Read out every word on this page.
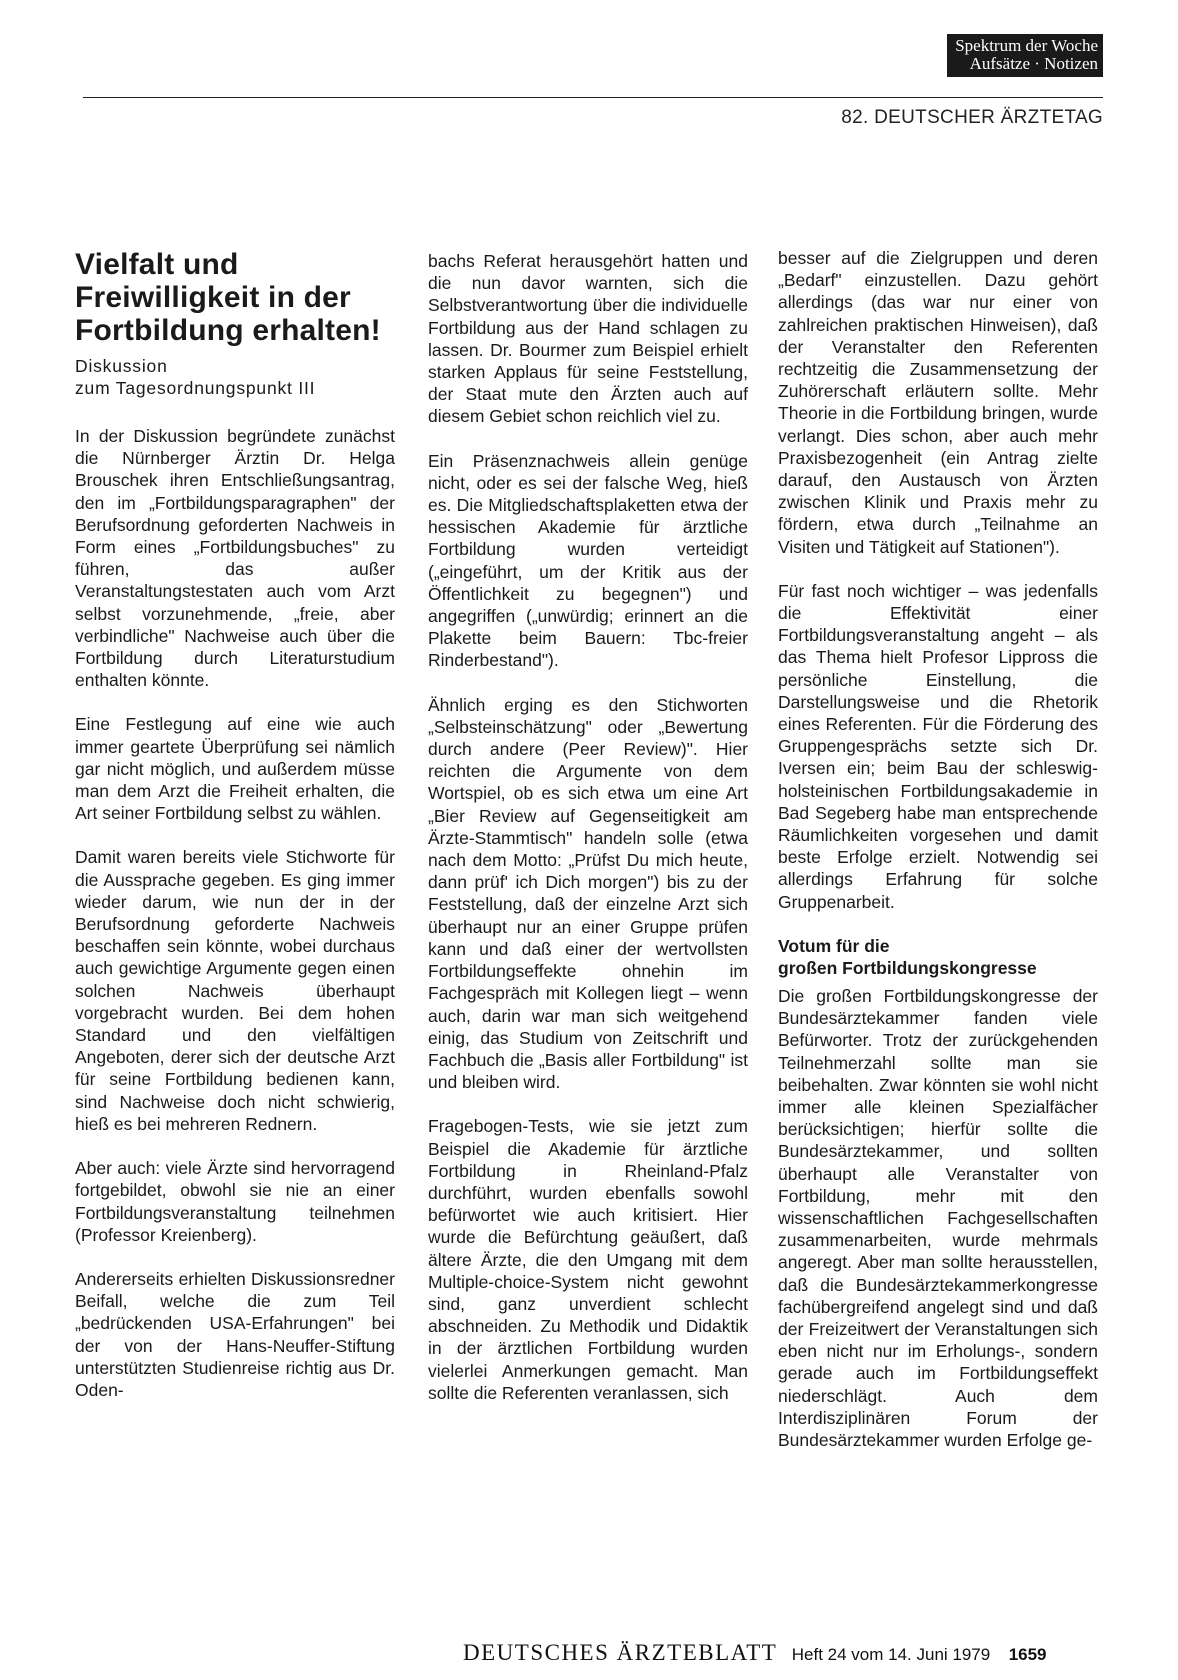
Spektrum der Woche
Aufsätze · Notizen
82. DEUTSCHER ÄRZTETAG
Vielfalt und Freiwilligkeit in der Fortbildung erhalten!
Diskussion
zum Tagesordnungspunkt III

In der Diskussion begründete zunächst die Nürnberger Ärztin Dr. Helga Brouschek ihren Entschließungsantrag, den im „Fortbildungsparagraphen" der Berufsordnung geforderten Nachweis in Form eines „Fortbildungsbuches" zu führen, das außer Veranstaltungstestaten auch vom Arzt selbst vorzunehmende, „freie, aber verbindliche" Nachweise auch über die Fortbildung durch Literaturstudium enthalten könnte.

Eine Festlegung auf eine wie auch immer geartete Überprüfung sei nämlich gar nicht möglich, und außerdem müsse man dem Arzt die Freiheit erhalten, die Art seiner Fortbildung selbst zu wählen.

Damit waren bereits viele Stichworte für die Aussprache gegeben. Es ging immer wieder darum, wie nun der in der Berufsordnung geforderte Nachweis beschaffen sein könnte, wobei durchaus auch gewichtige Argumente gegen einen solchen Nachweis überhaupt vorgebracht wurden. Bei dem hohen Standard und den vielfältigen Angeboten, derer sich der deutsche Arzt für seine Fortbildung bedienen kann, sind Nachweise doch nicht schwierig, hieß es bei mehreren Rednern.

Aber auch: viele Ärzte sind hervorragend fortgebildet, obwohl sie nie an einer Fortbildungsveranstaltung teilnehmen (Professor Kreienberg).

Andererseits erhielten Diskussionsredner Beifall, welche die zum Teil „bedrückenden USA-Erfahrungen" bei der von der Hans-Neuffer-Stiftung unterstützten Studienreise richtig aus Dr. Oden-

bachs Referat herausgehört hatten und die nun davor warnten, sich die Selbstverantwortung über die individuelle Fortbildung aus der Hand schlagen zu lassen. Dr. Bourmer zum Beispiel erhielt starken Applaus für seine Feststellung, der Staat mute den Ärzten auch auf diesem Gebiet schon reichlich viel zu.

Ein Präsenznachweis allein genüge nicht, oder es sei der falsche Weg, hieß es. Die Mitgliedschaftsplaketten etwa der hessischen Akademie für ärztliche Fortbildung wurden verteidigt („eingeführt, um der Kritik aus der Öffentlichkeit zu begegnen") und angegriffen („unwürdig; erinnert an die Plakette beim Bauern: Tbc-freier Rinderbestand").

Ähnlich erging es den Stichworten „Selbsteinschätzung" oder „Bewertung durch andere (Peer Review)". Hier reichten die Argumente von dem Wortspiel, ob es sich etwa um eine Art „Bier Review auf Gegenseitigkeit am Ärzte-Stammtisch" handeln solle (etwa nach dem Motto: „Prüfst Du mich heute, dann prüf' ich Dich morgen") bis zu der Feststellung, daß der einzelne Arzt sich überhaupt nur an einer Gruppe prüfen kann und daß einer der wertvollsten Fortbildungseffekte ohnehin im Fachgespräch mit Kollegen liegt – wenn auch, darin war man sich weitgehend einig, das Studium von Zeitschrift und Fachbuch die „Basis aller Fortbildung" ist und bleiben wird.

Fragebogen-Tests, wie sie jetzt zum Beispiel die Akademie für ärztliche Fortbildung in Rheinland-Pfalz durchführt, wurden ebenfalls sowohl befürwortet wie auch kritisiert. Hier wurde die Befürchtung geäußert, daß ältere Ärzte, die den Umgang mit dem Multiple-choice-System nicht gewohnt sind, ganz unverdient schlecht abschneiden. Zu Methodik und Didaktik in der ärztlichen Fortbildung wurden vielerlei Anmerkungen gemacht. Man sollte die Referenten veranlassen, sich

besser auf die Zielgruppen und deren „Bedarf" einzustellen. Dazu gehört allerdings (das war nur einer von zahlreichen praktischen Hinweisen), daß der Veranstalter den Referenten rechtzeitig die Zusammensetzung der Zuhörerschaft erläutern sollte. Mehr Theorie in die Fortbildung bringen, wurde verlangt. Dies schon, aber auch mehr Praxisbezogenheit (ein Antrag zielte darauf, den Austausch von Ärzten zwischen Klinik und Praxis mehr zu fördern, etwa durch „Teilnahme an Visiten und Tätigkeit auf Stationen").

Für fast noch wichtiger – was jedenfalls die Effektivität einer Fortbildungsveranstaltung angeht – als das Thema hielt Profesor Lippross die persönliche Einstellung, die Darstellungsweise und die Rhetorik eines Referenten. Für die Förderung des Gruppengesprächs setzte sich Dr. Iversen ein; beim Bau der schleswig-holsteinischen Fortbildungsakademie in Bad Segeberg habe man entsprechende Räumlichkeiten vorgesehen und damit beste Erfolge erzielt. Notwendig sei allerdings Erfahrung für solche Gruppenarbeit.

Votum für die
großen Fortbildungskongresse

Die großen Fortbildungskongresse der Bundesärztekammer fanden viele Befürworter. Trotz der zurückgehenden Teilnehmerzahl sollte man sie beibehalten. Zwar könnten sie wohl nicht immer alle kleinen Spezialfächer berücksichtigen; hierfür sollte die Bundesärztekammer, und sollten überhaupt alle Veranstalter von Fortbildung, mehr mit den wissenschaftlichen Fachgesellschaften zusammenarbeiten, wurde mehrmals angeregt. Aber man sollte herausstellen, daß die Bundesärztekammerkongresse fachübergreifend angelegt sind und daß der Freizeitwert der Veranstaltungen sich eben nicht nur im Erholungs-, sondern gerade auch im Fortbildungseffekt niederschlägt. Auch dem Interdisziplinären Forum der Bundesärztekammer wurden Erfolge ge-

DEUTSCHES ÄRZTEBLATT Heft 24 vom 14. Juni 1979 1659
